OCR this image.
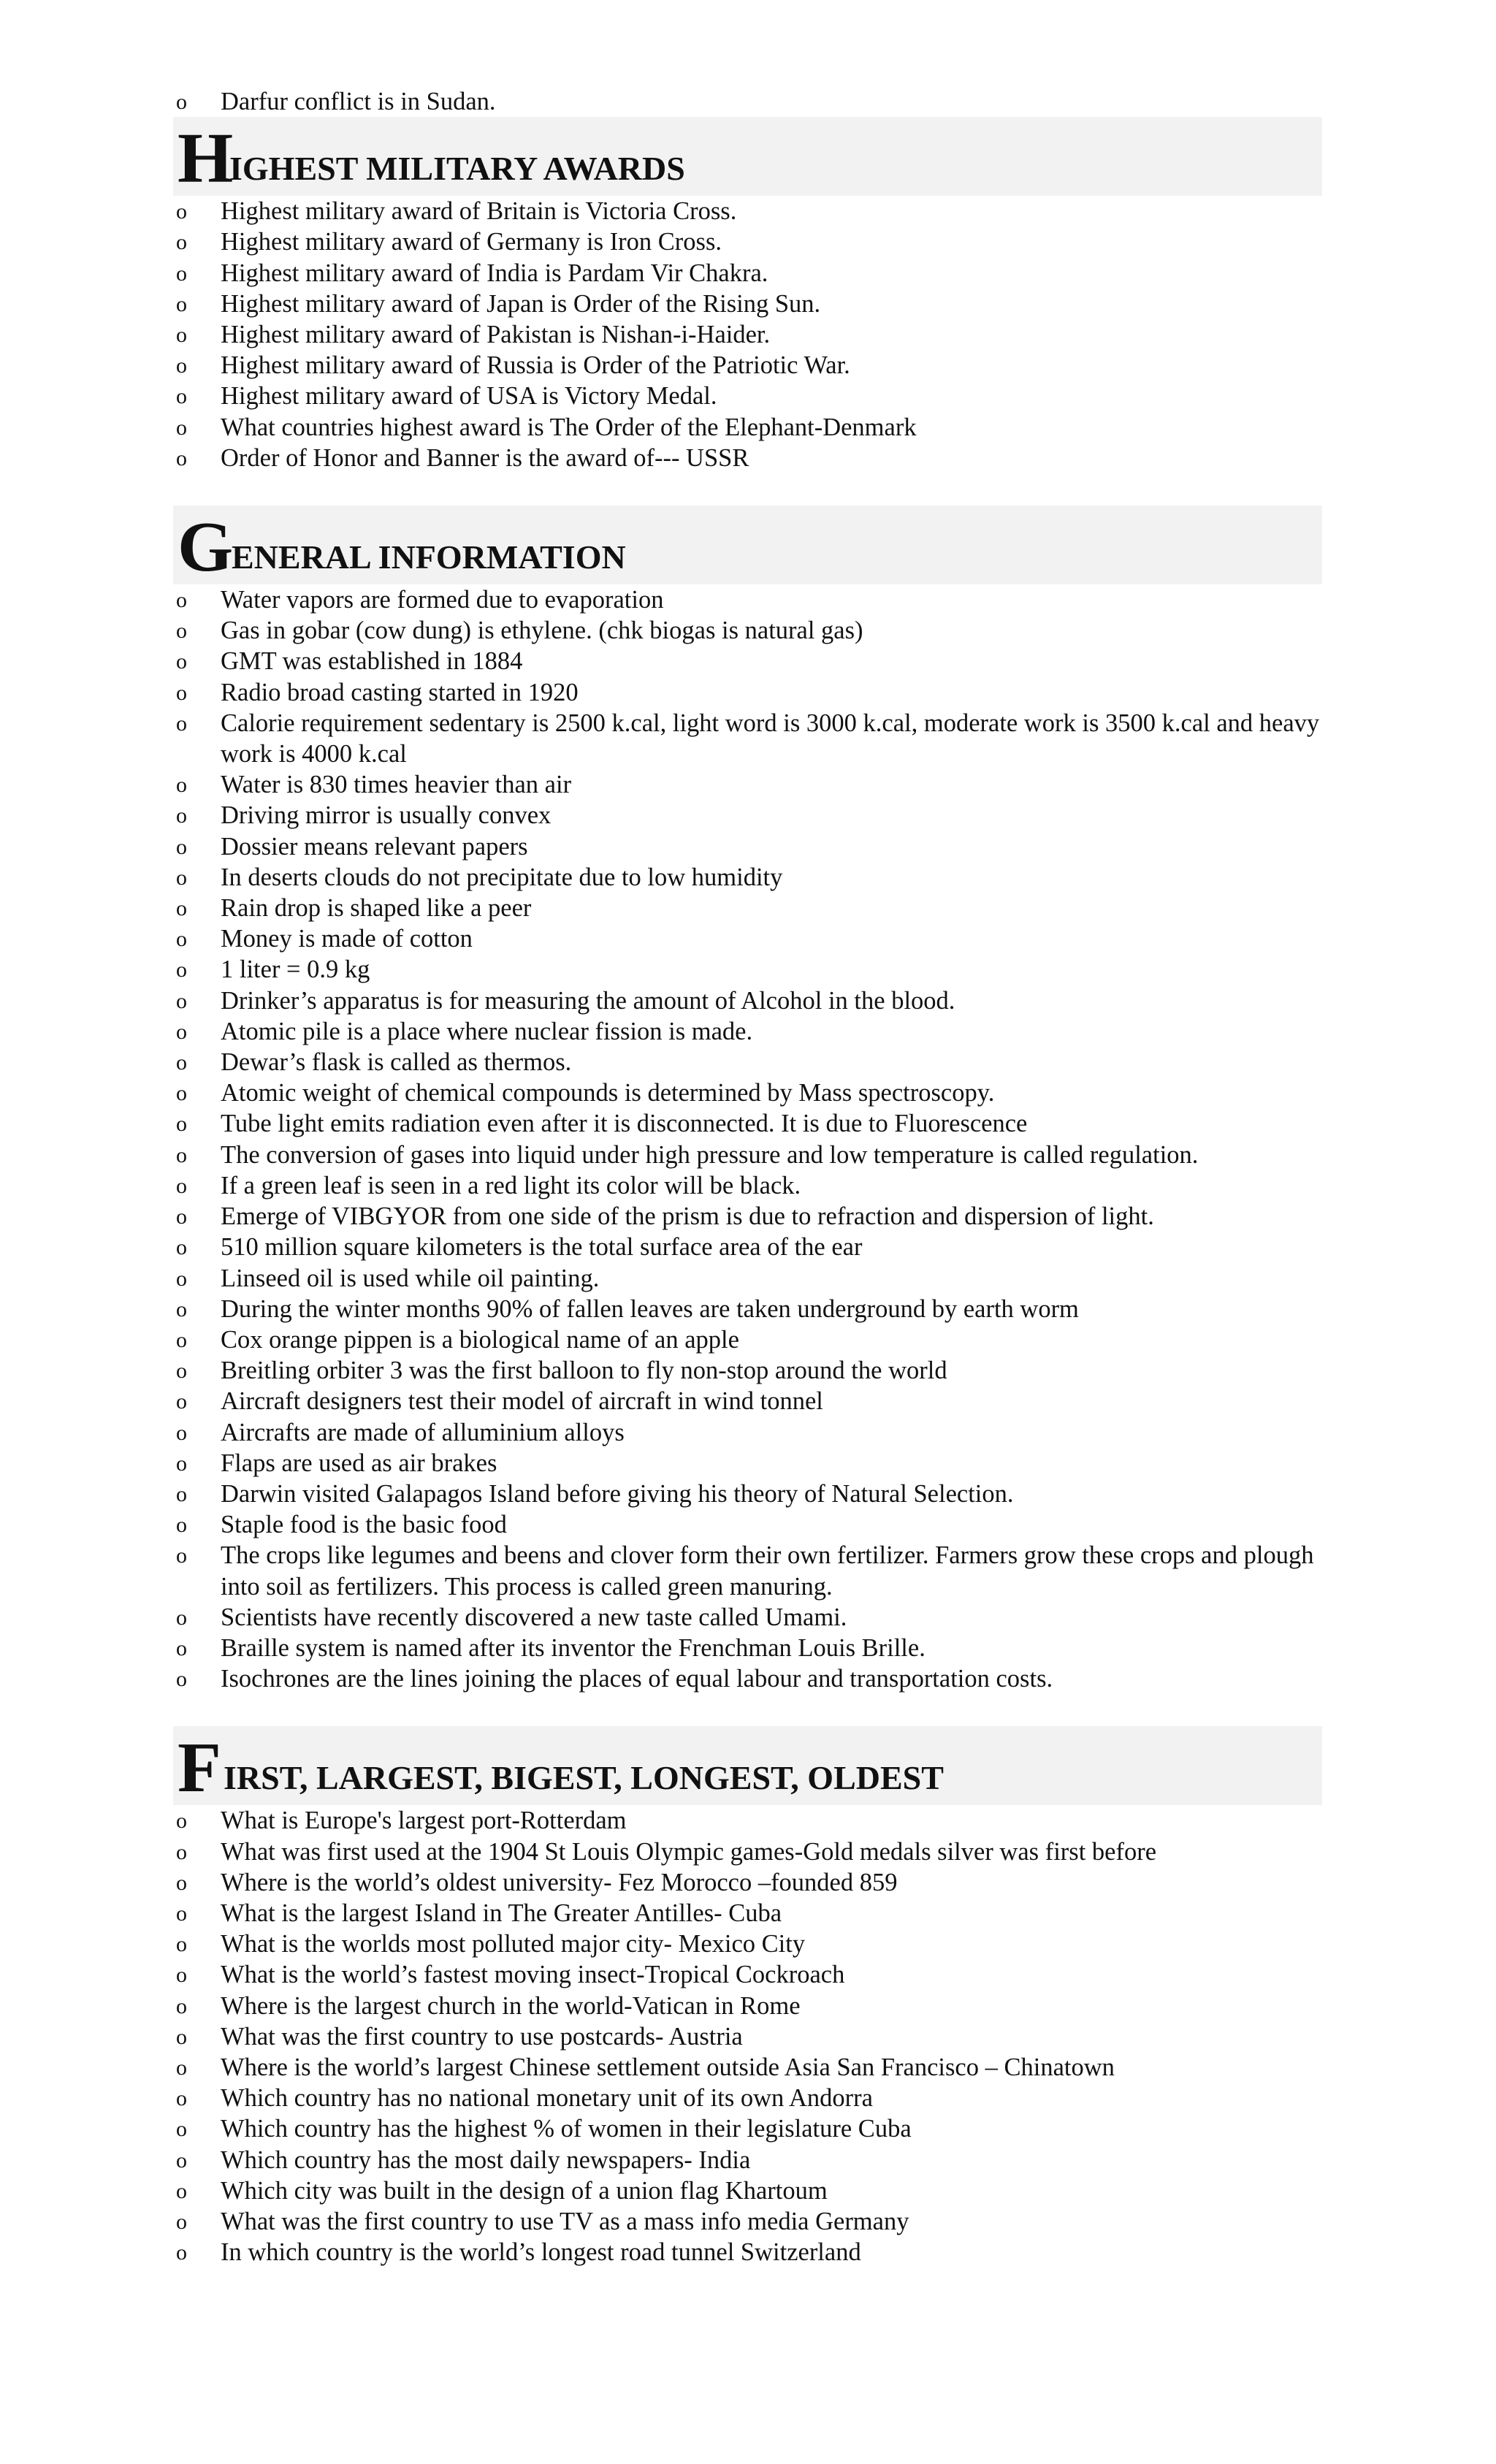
o Darfur conflict is in Sudan.
H
IGHEST MILITARY AWARDS
o Highest military award of Britain is Victoria Cross.
o Highest military award of Germany is Iron Cross.
o Highest military award of India is Pardam Vir Chakra.
o Highest military award of Japan is Order of the Rising Sun.
o Highest military award of Pakistan is Nishan-i-Haider.
o Highest military award of Russia is Order of the Patriotic War.
o Highest military award of USA is Victory Medal.
o What countries highest award is The Order of the Elephant-Denmark
o Order of Honor and Banner is the award of--- USSR
G
ENERAL INFORMATION
o Water vapors are formed due to evaporation
o Gas in gobar (cow dung) is ethylene. (chk biogas is natural gas)
o GMT was established in 1884
o Radio broad casting started in 1920
o Calorie requirement sedentary is 2500 k.cal, light word is 3000 k.cal, moderate work is 3500 k.cal and heavy work is 4000 k.cal
o Water is 830 times heavier than air
o Driving mirror is usually convex
o Dossier means relevant papers
o In deserts clouds do not precipitate due to low humidity
o Rain drop is shaped like a peer
o Money is made of cotton
o 1 liter = 0.9 kg
o Drinker’s apparatus is for measuring the amount of Alcohol in the blood.
o Atomic pile is a place where nuclear fission is made.
o Dewar’s flask is called as thermos.
o Atomic weight of chemical compounds is determined by Mass spectroscopy.
o Tube light emits radiation even after it is disconnected. It is due to Fluorescence
o The conversion of gases into liquid under high pressure and low temperature is called regulation.
o If a green leaf is seen in a red light its color will be black.
o Emerge of VIBGYOR from one side of the prism is due to refraction and dispersion of light.
o 510 million square kilometers is the total surface area of the ear
o Linseed oil is used while oil painting.
o During the winter months 90% of fallen leaves are taken underground by earth worm
o Cox orange pippen is a biological name of an apple
o Breitling orbiter 3 was the first balloon to fly non-stop around the world
o Aircraft designers test their model of aircraft in wind tonnel
o Aircrafts are made of alluminium alloys
o Flaps are used as air brakes
o Darwin visited Galapagos Island before giving his theory of Natural Selection.
o Staple food is the basic food
o The crops like legumes and beens and clover form their own fertilizer. Farmers grow these crops and plough into soil as fertilizers. This process is called green manuring.
o Scientists have recently discovered a new taste called Umami.
o Braille system is named after its inventor the Frenchman Louis Brille.
o Isochrones are the lines joining the places of equal labour and transportation costs.
F IRST, LARGEST, BIGEST, LONGEST, OLDEST
o What is Europe's largest port-Rotterdam
o What was first used at the 1904 St Louis Olympic games-Gold medals silver was first before
o Where is the world’s oldest university- Fez Morocco –founded 859
o What is the largest Island in The Greater Antilles- Cuba
o What is the worlds most polluted major city- Mexico City
o What is the world’s fastest moving insect-Tropical Cockroach
o Where is the largest church in the world-Vatican in Rome
o What was the first country to use postcards- Austria
o Where is the world’s largest Chinese settlement outside Asia San Francisco – Chinatown
o Which country has no national monetary unit of its own Andorra
o Which country has the highest % of women in their legislature Cuba
o Which country has the most daily newspapers- India
o Which city was built in the design of a union flag Khartoum
o What was the first country to use TV as a mass info media Germany
o In which country is the world’s longest road tunnel Switzerland
